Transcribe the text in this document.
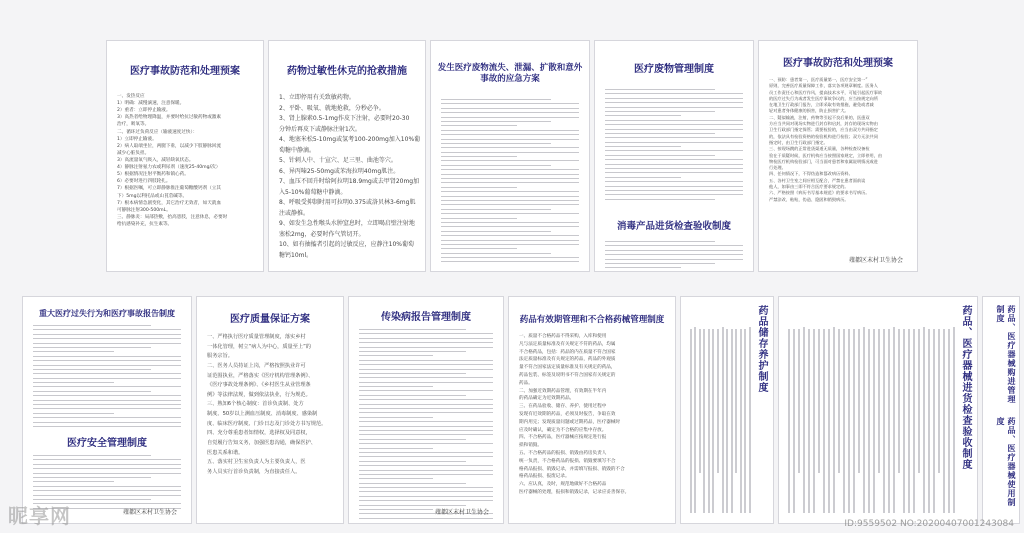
医疗事故防范和处理预案
一、发热反应
1）明确：减慢滴速，注意保暖。
2）重者：立即停止输液。
3）高热者给物理降温，并要时给抗过敏药物或激素
治疗，吸氧等。
二、循环过负荷反应（输液速度过快）：
1）立即停止输液。
2）病人取端坐位，两腿下垂，以减少下肢静脉回流
减少心脏负担。
3）高流量氧气吸入，减轻缺氧状态。
4）静脉注射氨力农或利尿剂（速度25-40mg/次）
5）根据情况注射平衡药和镇心药。
6）必要时进行四肢轮扎。
7）根据医嘱，可立即静脉推注葡萄糖酸钙剂（立其
下）5mg以利托品或山莨菪碱等。
7）根本病情急剧变化，其它治疗无效者，如天就血
可静脉注射300-500mL。
三、静脉炎：局部热敷，抬高患肢，注意休息，必要时
给抗感染补充，抗生素等。
药物过敏性休克的抢救措施
1、立即停用有关致敏药物。
2、平卧、吸氧、就地抢救，分秒必争。
3、肾上腺素0.5-1mg作皮下注射，必要时20-30
分钟后再皮下或静脉注射1次。
4、地塞米松5-10mg或氢考100-200mg加入10%葡
萄糖中静滴。
5、针刺人中、十宣穴、足三里、曲池等穴。
6、异丙嗪25-50mg或苯海拉明40mg肌注。
7、血压不回升时给阿拉明18.9mg或去甲肾20mg加
入5-10%葡萄糖中静滴。
8、呼吸受抑制时用可拉明0.375或洛贝林3-6mg肌
注或静推。
9、如发生急性喉头水肿窒息时，立即喝启壁注射地
塞松2mg，必要时作气管切开。
10、如有抽搐者引起的过敏反应，应静注10%葡萄
糖钙10ml。
发生医疗废物流失、泄漏、扩散和意外事故的应急方案
医疗废物管理制度
消毒产品进货检查验收制度
医疗事故防范和处理预案
一、预防：患者第一，医疗质量第一，医疗安全第一”
原则，完善医疗质量保障工作，落实各项规章制度。医务人
员工作责任心和医疗作风，提高技术水平，可能引起医疗事故
的医疗过失行为或者发生医疗事故争议的，应当按规定向所
在地卫生行政部门报告，立即采取有效措施，避免或者减
轻对患者身体健康的损害，防止损害扩大。
二、疑似输液，注射，药物等引起不良后果的，医患双
方应当共同对现场实物进行封存和启封，封存的现场实物由
卫生行政部门指定保管；需要检验的，应当由双方共同指定
的，依法具有检验资格的检验机构进行检验；双方无法共同
指定时，由卫生行政部门指定。
三、按现场跳的正常进货渠道无质量，各种检查设备检
验在于质疑时候，医疗机构应当按照国家规定，立即停用，由
物检医疗机构检验部门，可当面对患者和家属说明情况或进
行处理。
四、任何情况下，不得伪造和篡改病历资料。
五、各村卫生室之间应相互配合，严禁在患者面前谈
他人，如事由三即不符合医疗要求规定的。
六、严格按照《病历书写基本规范》的要求书写病历。
严禁涂改、粘贴，伪造、隐匿和销毁病历。
薤都区末村卫生协会
重大医疗过失行为和医疗事故报告制度
医疗安全管理制度
薤都区末村卫生协会
医疗质量保证方案
一、严格执行医疗质量管理制度，落实乡村
一体化管理，树立“病人为中心，质量至上”的
服务宗旨。
二、医务人员持证上岗，严格按照执业许可
证范围执业，严格落实《医疗机构管理条例》、
《医疗事故处理条例》、《乡村医生从业管理条
例》等法律法规，做到依法执业，行为规范。
三、熟知6个核心制度：首诊负责制、处方
制度、50岁以上测血压制度、消毒制度、感染制
度、临床医疗制度、门诊日志及门诊处方书写规范。
四、充分尊重患者知情权，选择权及同意权，
自觉履行告知义务，加强医患沟通，确保医护、
医患关系和谐。
五、落实村卫生室负责人为主要负责人，医
务人员实行首诊负责制，为直接责任人。
传染病报告管理制度
薤都区末村卫生协会
药品有效期管理和不合格药械管理制度
一、质量不合格药品不得采购，入库和使用
凡与法定质量标准及有关规定不符的药品，均属
不合格药品，包括：药品的内在质量不符合国家
法定质量标准及有关规定的药品，药品的外观质
量不符合国家法定质量标准及有关规定的药品，
药品包装、标签及说明书不符合国家有关规定的
药品。
二、加强近效期药品管理，有效期在半年内
的药品确定为近效期药品。
三、在药品验收、储存、养护、使用过程中
发现有近效期的药品，必须及时报告，争取在效
期内用完；发现质量问题或过期药品，医疗器械时
应及时确认，确定为不合格的应集中存放。
四、不合格药品，医疗器械应按规定进行报
损和销毁。
五、不合格药品的报损、销毁由药房负责人
统一负责，不合格药品的报损、销毁要填写不合
格药品报损、销毁记录，并需填写报损、销毁的不合
格药品报损、报废记录。
六、应认真，及时，规范地做好不合格药品
医疗器械的处理，报损和销毁记录，记录应妥善保存。
药品储存养护制度	药品、医疗器械进货检查验收制度	药品、医疗器械购进管理制度
药品、医疗器械使用制度
昵享网	ID:9559502 NO:20200407001243084
